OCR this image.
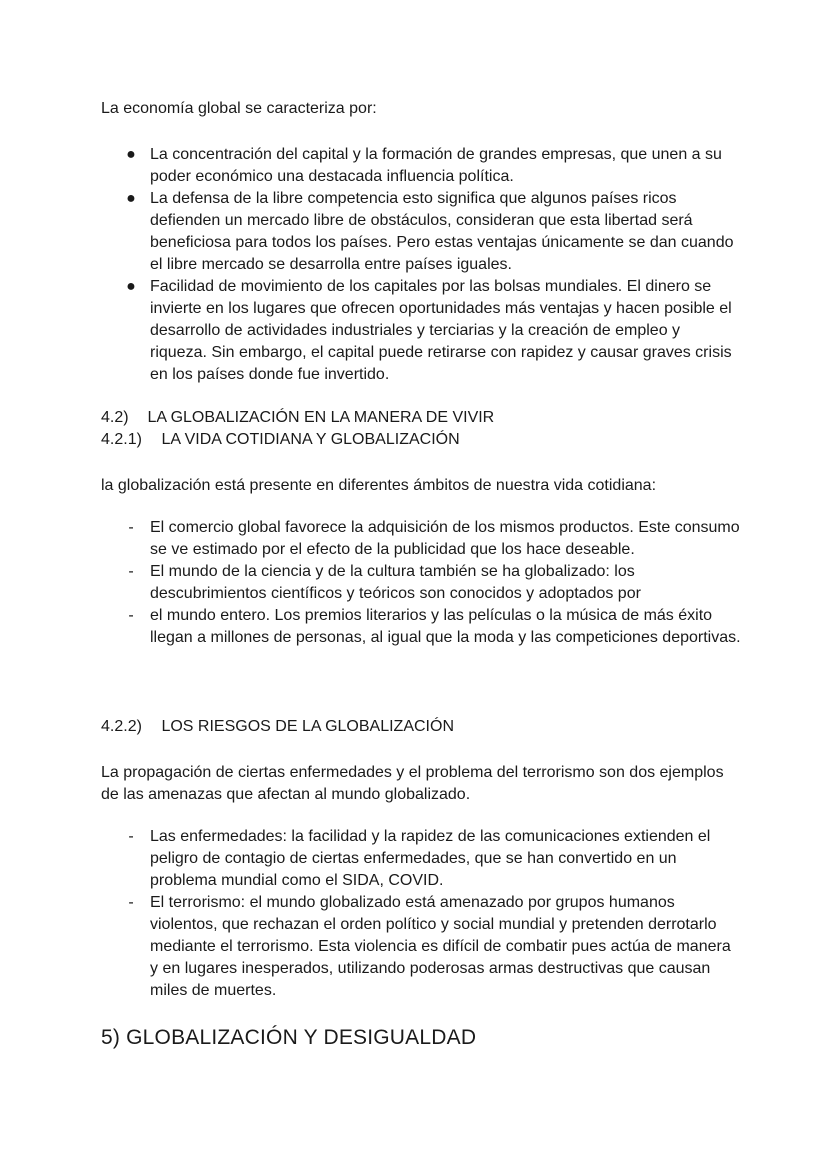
La economía global se caracteriza por:

● La concentración del capital y la formación de grandes empresas, que unen a su poder económico una destacada influencia política.
● La defensa de la libre competencia esto significa que algunos países ricos defienden un mercado libre de obstáculos, consideran que esta libertad será beneficiosa para todos los países. Pero estas ventajas únicamente se dan cuando el libre mercado se desarrolla entre países iguales.
● Facilidad de movimiento de los capitales por las bolsas mundiales. El dinero se invierte en los lugares que ofrecen oportunidades más ventajas y hacen posible el desarrollo de actividades industriales y terciarias y la creación de empleo y riqueza. Sin embargo, el capital puede retirarse con rapidez y causar graves crisis en los países donde fue invertido.
4.2) LA GLOBALIZACIÓN EN LA MANERA DE VIVIR
4.2.1) LA VIDA COTIDIANA Y GLOBALIZACIÓN

la globalización está presente en diferentes ámbitos de nuestra vida cotidiana:

-	El comercio global favorece la adquisición de los mismos productos. Este consumo se ve estimado por el efecto de la publicidad que los hace deseable.
-	El mundo de la ciencia y de la cultura también se ha globalizado: los descubrimientos científicos y teóricos son conocidos y adoptados por
-	el mundo entero. Los premios literarios y las películas o la música de más éxito llegan a millones de personas, al igual que la moda y las competiciones deportivas.
4.2.2) LOS RIESGOS DE LA GLOBALIZACIÓN

La propagación de ciertas enfermedades y el problema del terrorismo son dos ejemplos de las amenazas que afectan al mundo globalizado.

-	Las enfermedades: la facilidad y la rapidez de las comunicaciones extienden el peligro de contagio de ciertas enfermedades, que se han convertido en un problema mundial como el SIDA, COVID.
-	El terrorismo: el mundo globalizado está amenazado por grupos humanos violentos, que rechazan el orden político y social mundial y pretenden derrotarlo mediante el terrorismo. Esta violencia es difícil de combatir pues actúa de manera y en lugares inesperados, utilizando poderosas armas destructivas que causan miles de muertes.
5) GLOBALIZACIÓN Y DESIGUALDAD
